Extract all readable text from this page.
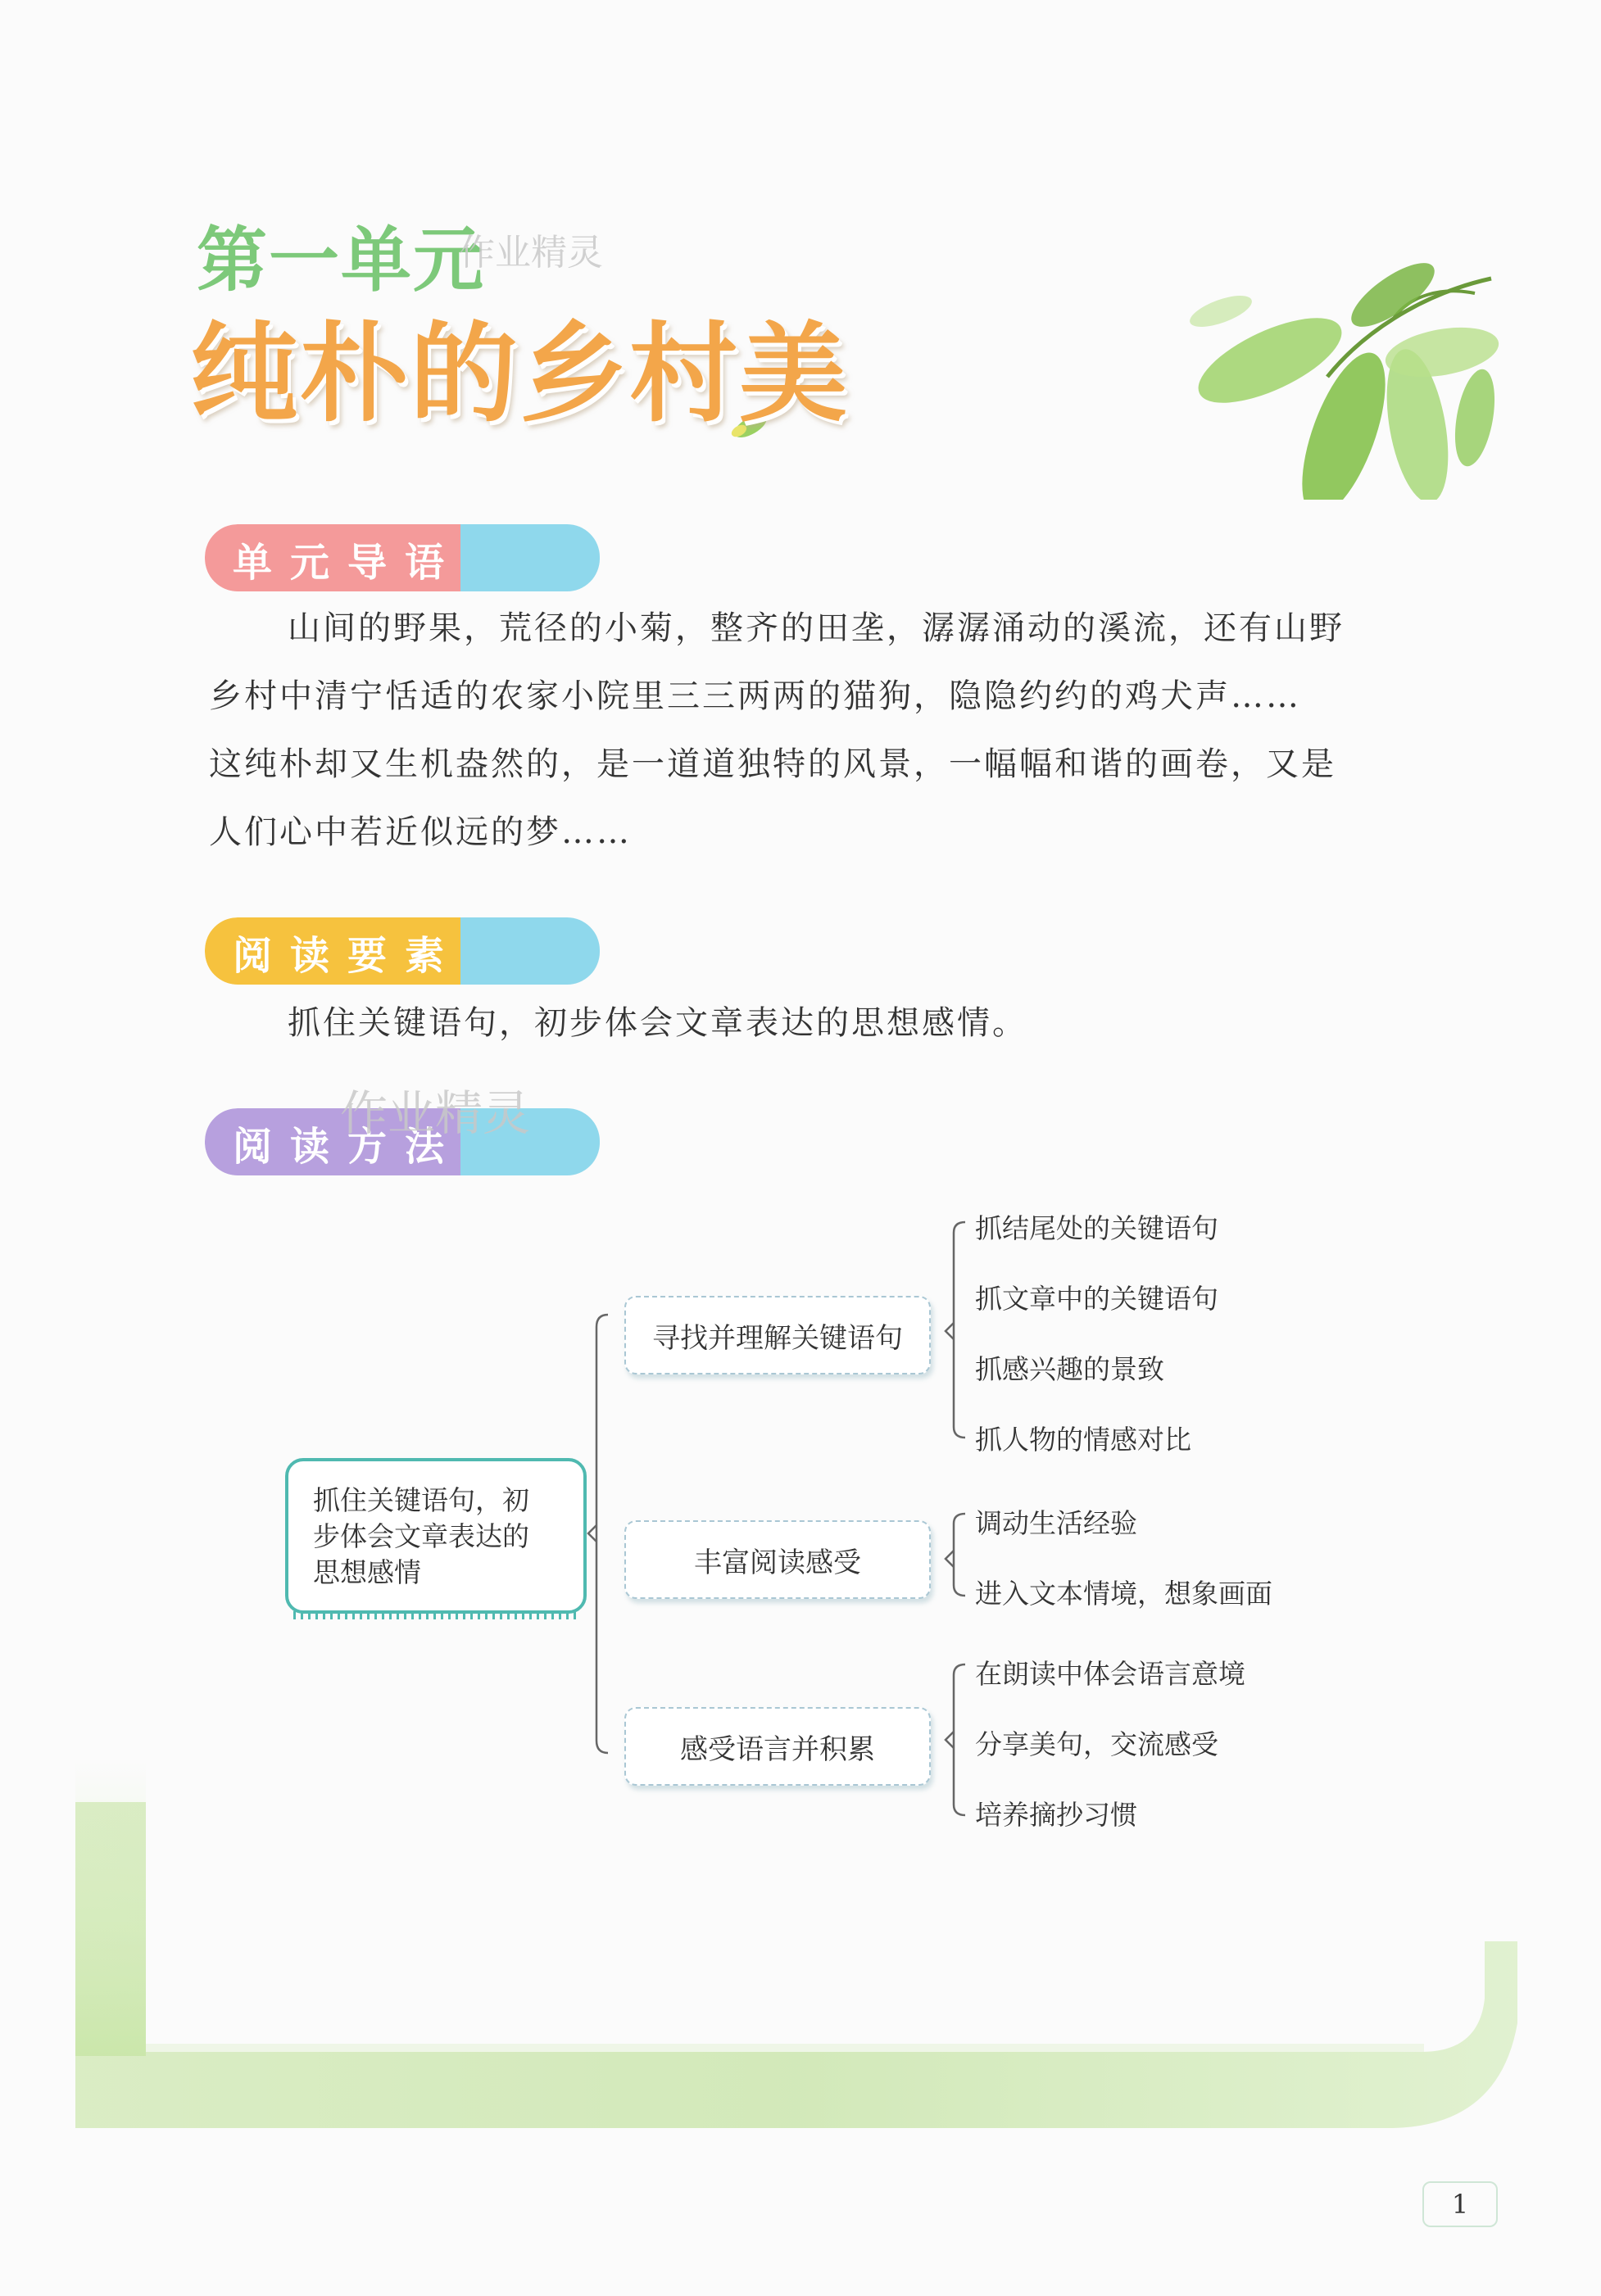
第一单元
作业精灵
纯朴的乡村美
单元导语
山间的野果，荒径的小菊，整齐的田垄，潺潺涌动的溪流，还有山野
乡村中清宁恬适的农家小院里三三两两的猫狗，隐隐约约的鸡犬声……
这纯朴却又生机盎然的，是一道道独特的风景，一幅幅和谐的画卷，又是
人们心中若近似远的梦……
阅读要素
抓住关键语句，初步体会文章表达的思想感情。
阅读方法
作业精灵
抓住关键语句，初
步体会文章表达的
思想感情
寻找并理解关键语句
丰富阅读感受
感受语言并积累
抓结尾处的关键语句
抓文章中的关键语句
抓感兴趣的景致
抓人物的情感对比
调动生活经验
进入文本情境，想象画面
在朗读中体会语言意境
分享美句，交流感受
培养摘抄习惯
1
